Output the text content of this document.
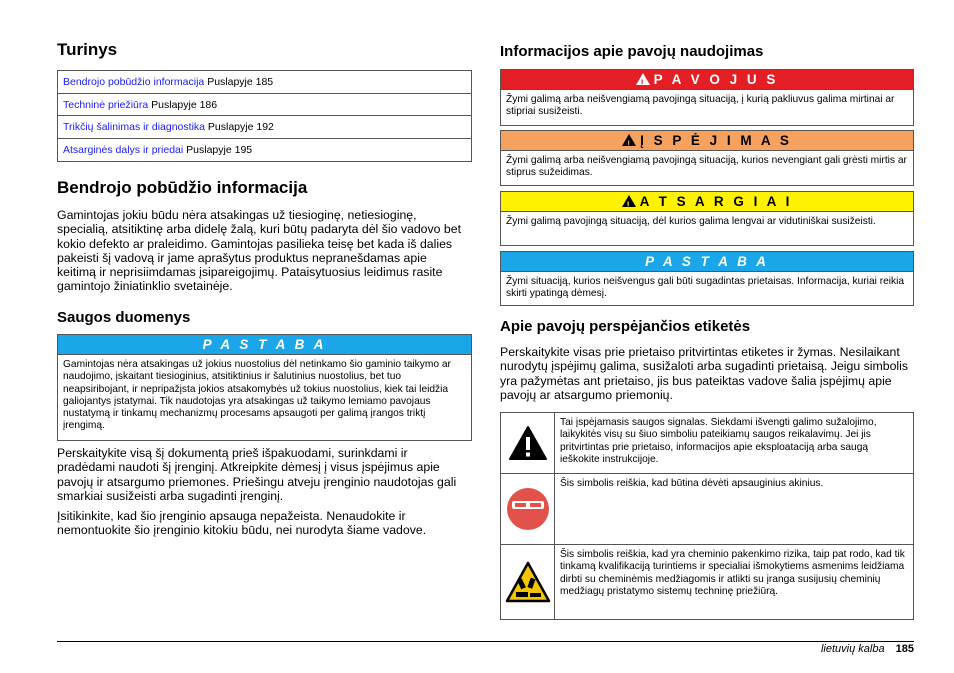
Turinys
Bendrojo pobūdžio informacija Puslapyje 185
Techninė priežiūra Puslapyje 186
Trikčių šalinimas ir diagnostika Puslapyje 192
Atsarginės dalys ir priedai Puslapyje 195
Bendrojo pobūdžio informacija

Gamintojas jokiu būdu nėra atsakingas už tiesioginę, netiesioginę, specialią, atsitiktinę arba didelę žalą, kuri būtų padaryta dėl šio vadovo bet kokio defekto ar praleidimo. Gamintojas pasilieka teisę bet kada iš dalies pakeisti šį vadovą ir jame aprašytus produktus nepranešdamas apie keitimą ir neprisiimdamas įsipareigojimų. Pataisytuosius leidimus rasite gamintojo žiniatinklio svetainėje.

Saugos duomenys
P A S T A B A
Gamintojas nėra atsakingas už jokius nuostolius dėl netinkamo šio gaminio taikymo ar naudojimo, įskaitant tiesioginius, atsitiktinius ir šalutinius nuostolius, bet tuo neapsiribojant, ir nepripažįsta jokios atsakomybės už tokius nuostolius, kiek tai leidžia galiojantys įstatymai. Tik naudotojas yra atsakingas už taikymo lemiamo pavojaus nustatymą ir tinkamų mechanizmų procesams apsaugoti per galimą įrangos triktį įrengimą.

Perskaitykite visą šį dokumentą prieš išpakuodami, surinkdami ir pradėdami naudoti šį įrenginį. Atkreipkite dėmesį į visus įspėjimus apie pavojų ir atsargumo priemones. Priešingu atveju įrenginio naudotojas gali smarkiai susižeisti arba sugadinti įrenginį.

Įsitikinkite, kad šio įrenginio apsauga nepažeista. Nenaudokite ir nemontuokite šio įrenginio kitokiu būdu, nei nurodyta šiame vadove.

Informacijos apie pavojų naudojimas
!P A V O J U S
Žymi galimą arba neišvengiamą pavojingą situaciją, į kurią pakliuvus galima mirtinai ar stipriai susižeisti.
!Į S P Ė J I M A S
Žymi galimą arba neišvengiamą pavojingą situaciją, kurios nevengiant gali grėsti mirtis ar stiprus sužeidimas.
!A T S A R G I A I
Žymi galimą pavojingą situaciją, dėl kurios galima lengvai ar vidutiniškai susižeisti.
P A S T A B A
Žymi situaciją, kurios neišvengus gali būti sugadintas prietaisas. Informacija, kuriai reikia skirti ypatingą dėmesį.
Apie pavojų perspėjančios etiketės

Perskaitykite visas prie prietaiso pritvirtintas etiketes ir žymas. Nesilaikant nurodytų įspėjimų galima, susižaloti arba sugadinti prietaisą. Jeigu simbolis yra pažymėtas ant prietaiso, jis bus pateiktas vadove šalia įspėjimų apie pavojų ar atsargumo priemonių.

Tai įspėjamasis saugos signalas. Siekdami išvengti galimo sužalojimo, laikykitės visų su šiuo simboliu pateikiamų saugos reikalavimų. Jei jis pritvirtintas prie prietaiso, informacijos apie eksploataciją arba saugą ieškokite instrukcijoje.
Šis simbolis reiškia, kad būtina dėvėti apsauginius akinius.
Šis simbolis reiškia, kad yra cheminio pakenkimo rizika, taip pat rodo, kad tik tinkamą kvalifikaciją turintiems ir specialiai išmokytiems asmenims leidžiama dirbti su cheminėmis medžiagomis ir atlikti su įranga susijusių cheminių medžiagų pristatymo sistemų techninę priežiūrą.
lietuvių kalba 185
